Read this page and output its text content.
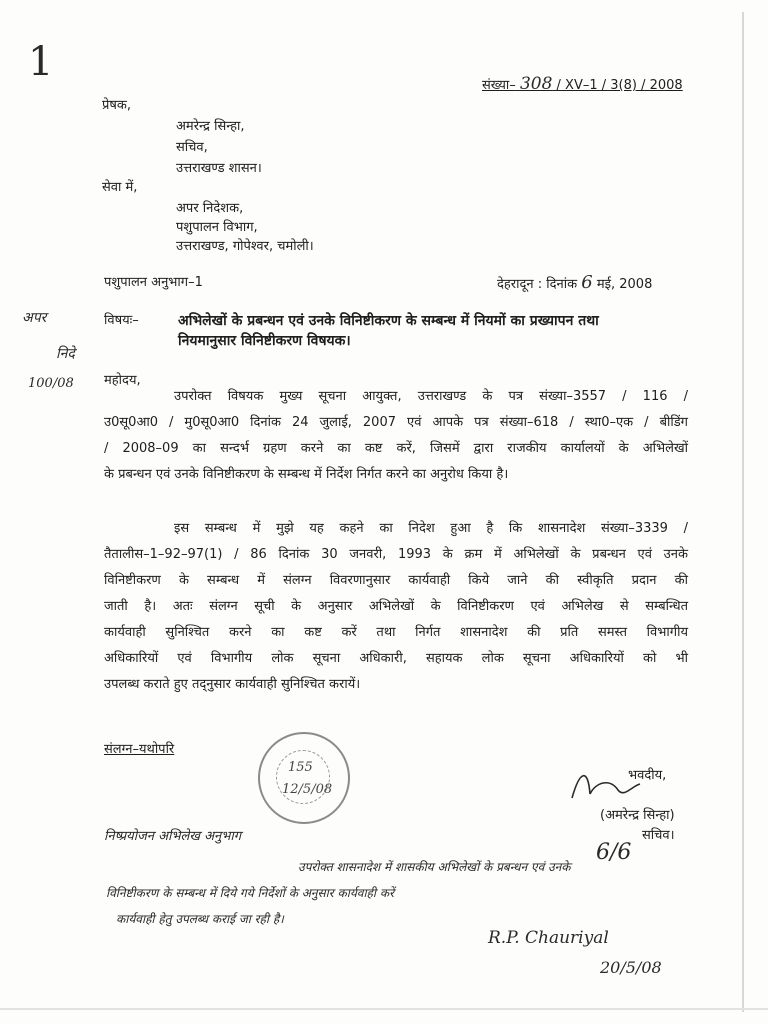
1
संख्या– 308 / XV–1 / 3(8) / 2008
प्रेषक,
अमरेन्द्र सिन्हा,
सचिव,
उत्तराखण्ड शासन।
सेवा में,
अपर निदेशक,
पशुपालन विभाग,
उत्तराखण्ड, गोपेश्वर, चमोली।
पशुपालन अनुभाग–1	देहरादून : दिनांक 6 मई, 2008
विषयः–	अभिलेखों के प्रबन्धन एवं उनके विनिष्टीकरण के सम्बन्ध में नियमों का प्रख्यापन तथा
नियमानुसार विनिष्टीकरण विषयक।
अपर
निदे
100/08 महोदय,
उपरोक्त विषयक मुख्य सूचना आयुक्त, उत्तराखण्ड के पत्र संख्या–3557 / 116 /
उ0सू0आ0 / मु0सू0आ0 दिनांक 24 जुलाई, 2007 एवं आपके पत्र संख्या–618 / स्था0–एक / बीडिंग
/ 2008–09 का सन्दर्भ ग्रहण करने का कष्ट करें, जिसमें द्वारा राजकीय कार्यालयों के अभिलेखों
के प्रबन्धन एवं उनके विनिष्टीकरण के सम्बन्ध में निर्देश निर्गत करने का अनुरोध किया है।
इस सम्बन्ध में मुझे यह कहने का निदेश हुआ है कि शासनादेश संख्या–3339 /
तैतालीस–1–92–97(1) / 86 दिनांक 30 जनवरी, 1993 के क्रम में अभिलेखों के प्रबन्धन एवं उनके
विनिष्टीकरण के सम्बन्ध में संलग्न विवरणानुसार कार्यवाही किये जाने की स्वीकृति प्रदान की
जाती है। अतः संलग्न सूची के अनुसार अभिलेखों के विनिष्टीकरण एवं अभिलेख से सम्बन्धित
कार्यवाही सुनिश्चित करने का कष्ट करें तथा निर्गत शासनादेश की प्रति समस्त विभागीय
अधिकारियों एवं विभागीय लोक सूचना अधिकारी, सहायक लोक सूचना अधिकारियों को भी
उपलब्ध कराते हुए तद्नुसार कार्यवाही सुनिश्चित करायें।
संलग्न–यथोपरि
155
12/5/08
भवदीय,
(अमरेन्द्र सिन्हा)
सचिव।
6/6
निष्प्रयोजन अभिलेख अनुभाग
उपरोक्त शासनादेश में शासकीय अभिलेखों के प्रबन्धन एवं उनके
विनिष्टीकरण के सम्बन्ध में दिये गये निर्देशों के अनुसार कार्यवाही करें
कार्यवाही हेतु उपलब्ध कराई जा रही है।
R.P. Chauriyal
20/5/08
